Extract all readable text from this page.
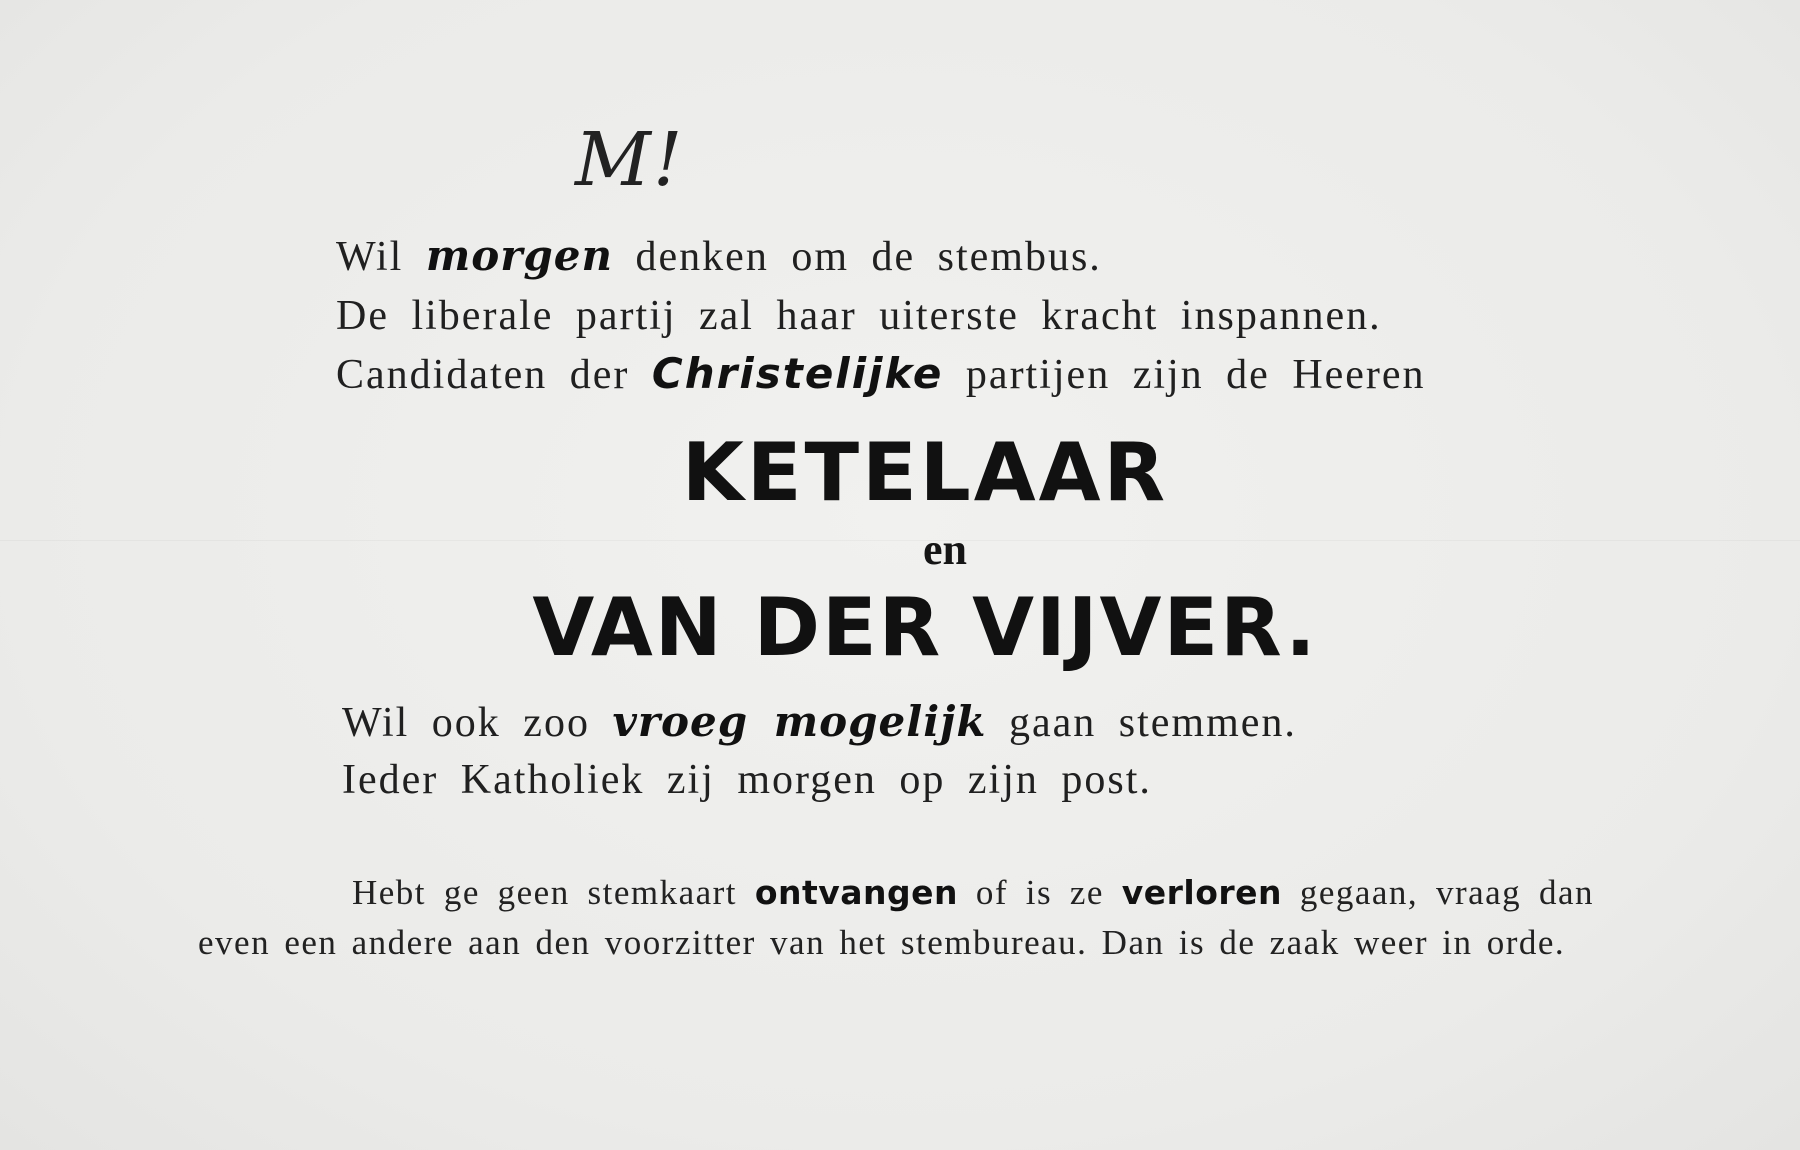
M!
Wil morgen denken om de stembus.
De liberale partij zal haar uiterste kracht inspannen.
Candidaten der Christelijke partijen zijn de Heeren
KETELAAR
en
VAN DER VIJVER.
Wil ook zoo vroeg mogelijk gaan stemmen.
Ieder Katholiek zij morgen op zijn post.
Hebt ge geen stemkaart ontvangen of is ze verloren gegaan, vraag dan even een andere aan den voorzitter van het stembureau. Dan is de zaak weer in orde.
